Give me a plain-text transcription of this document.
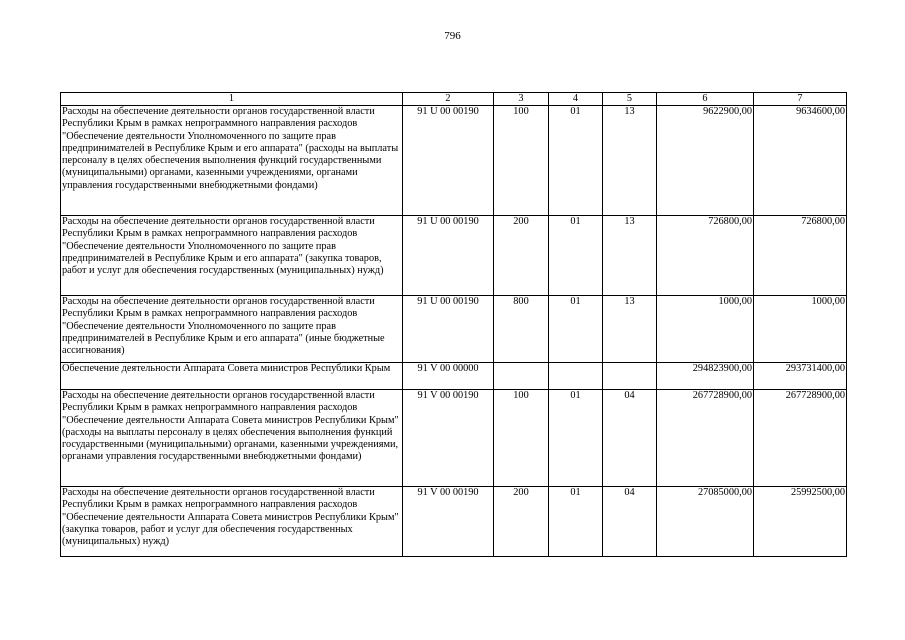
796
1	2	3	4	5	6	7
Расходы на обеспечение деятельности органов государственной власти Республики Крым в рамках непрограммного направления расходов "Обеспечение деятельности Уполномоченного по защите прав предпринимателей в Республике Крым и его аппарата" (расходы на выплаты персоналу в целях обеспечения выполнения функций государственными (муниципальными) органами, казенными учреждениями, органами управления государственными внебюджетными фондами)	91 U 00 00190	100	01	13	9622900,00	9634600,00
Расходы на обеспечение деятельности органов государственной власти Республики Крым в рамках непрограммного направления расходов "Обеспечение деятельности Уполномоченного по защите прав предпринимателей в Республике Крым и его аппарата" (закупка товаров, работ и услуг для обеспечения государственных (муниципальных) нужд)	91 U 00 00190	200	01	13	726800,00	726800,00
Расходы на обеспечение деятельности органов государственной власти Республики Крым в рамках непрограммного направления расходов "Обеспечение деятельности Уполномоченного по защите прав предпринимателей в Республике Крым и его аппарата" (иные бюджетные ассигнования)	91 U 00 00190	800	01	13	1000,00	1000,00
Обеспечение деятельности Аппарата Совета министров Республики Крым	91 V 00 00000				294823900,00	293731400,00
Расходы на обеспечение деятельности органов государственной власти Республики Крым в рамках непрограммного направления расходов "Обеспечение деятельности Аппарата Совета министров Республики Крым" (расходы на выплаты персоналу в целях обеспечения выполнения функций государственными (муниципальными) органами, казенными учреждениями, органами управления государственными внебюджетными фондами)	91 V 00 00190	100	01	04	267728900,00	267728900,00
Расходы на обеспечение деятельности органов государственной власти Республики Крым в рамках непрограммного направления расходов "Обеспечение деятельности Аппарата Совета министров Республики Крым" (закупка товаров, работ и услуг для обеспечения государственных (муниципальных) нужд)	91 V 00 00190	200	01	04	27085000,00	25992500,00
